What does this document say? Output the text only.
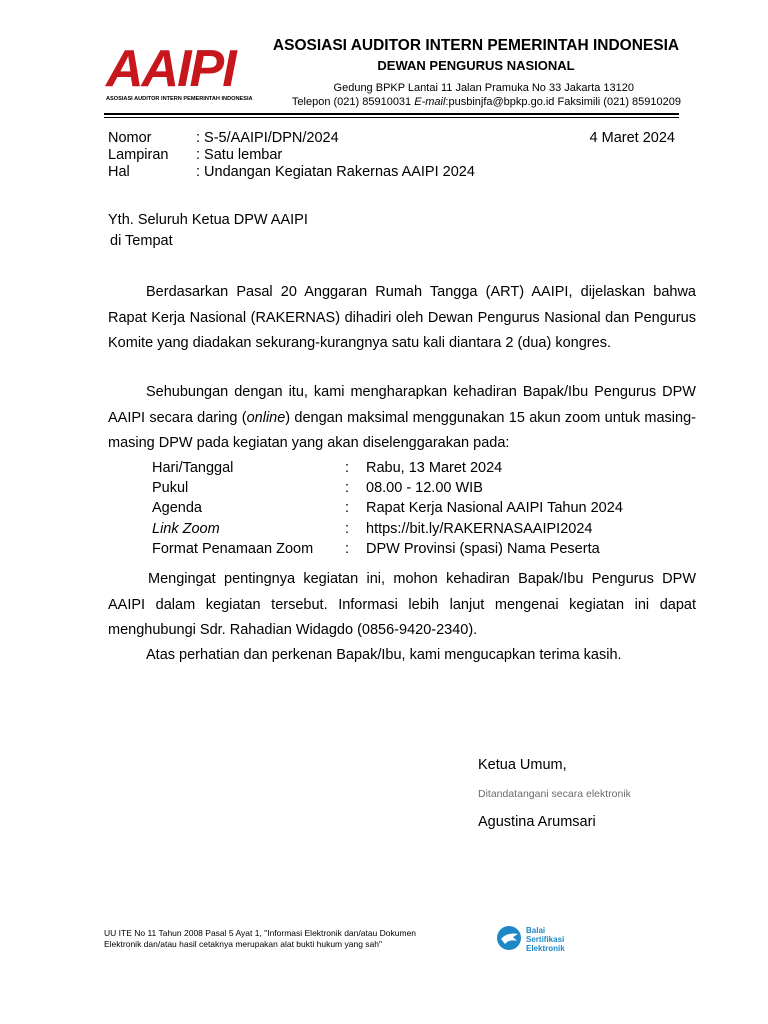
AAIPI
ASOSIASI AUDITOR INTERN PEMERINTAH INDONESIA
ASOSIASI AUDITOR INTERN PEMERINTAH INDONESIA
DEWAN PENGURUS NASIONAL
Gedung BPKP Lantai 11 Jalan Pramuka No 33 Jakarta 13120
Telepon (021) 85910031 E-mail:pusbinjfa@bpkp.go.id Faksimili (021) 85910209
Nomor	: S-5/AAIPI/DPN/2024	4 Maret 2024
Lampiran : Satu lembar
Hal	: Undangan Kegiatan Rakernas AAIPI 2024
Yth. Seluruh Ketua DPW AAIPI
di Tempat
Berdasarkan Pasal 20 Anggaran Rumah Tangga (ART) AAIPI, dijelaskan bahwa Rapat Kerja Nasional (RAKERNAS) dihadiri oleh Dewan Pengurus Nasional dan Pengurus Komite yang diadakan sekurang-kurangnya satu kali diantara 2 (dua) kongres.
Sehubungan dengan itu, kami mengharapkan kehadiran Bapak/Ibu Pengurus DPW AAIPI secara daring (online) dengan maksimal menggunakan 15 akun zoom untuk masing-masing DPW pada kegiatan yang akan diselenggarakan pada:
Hari/Tanggal	: Rabu, 13 Maret 2024
Pukul	: 08.00 - 12.00 WIB
Agenda	: Rapat Kerja Nasional AAIPI Tahun 2024
Link Zoom	: https://bit.ly/RAKERNASAAIPI2024
Format Penamaan Zoom : DPW Provinsi (spasi) Nama Peserta
Mengingat pentingnya kegiatan ini, mohon kehadiran Bapak/Ibu Pengurus DPW AAIPI dalam kegiatan tersebut. Informasi lebih lanjut mengenai kegiatan ini dapat menghubungi Sdr. Rahadian Widagdo (0856-9420-2340).
Atas perhatian dan perkenan Bapak/Ibu, kami mengucapkan terima kasih.
Ketua Umum,
Ditandatangani secara elektronik
Agustina Arumsari
UU ITE No 11 Tahun 2008 Pasal 5 Ayat 1, "Informasi Elektronik dan/atau Dokumen Elektronik dan/atau hasil cetaknya merupakan alat bukti hukum yang sah"
Balai
Sertifikasi
Elektronik
